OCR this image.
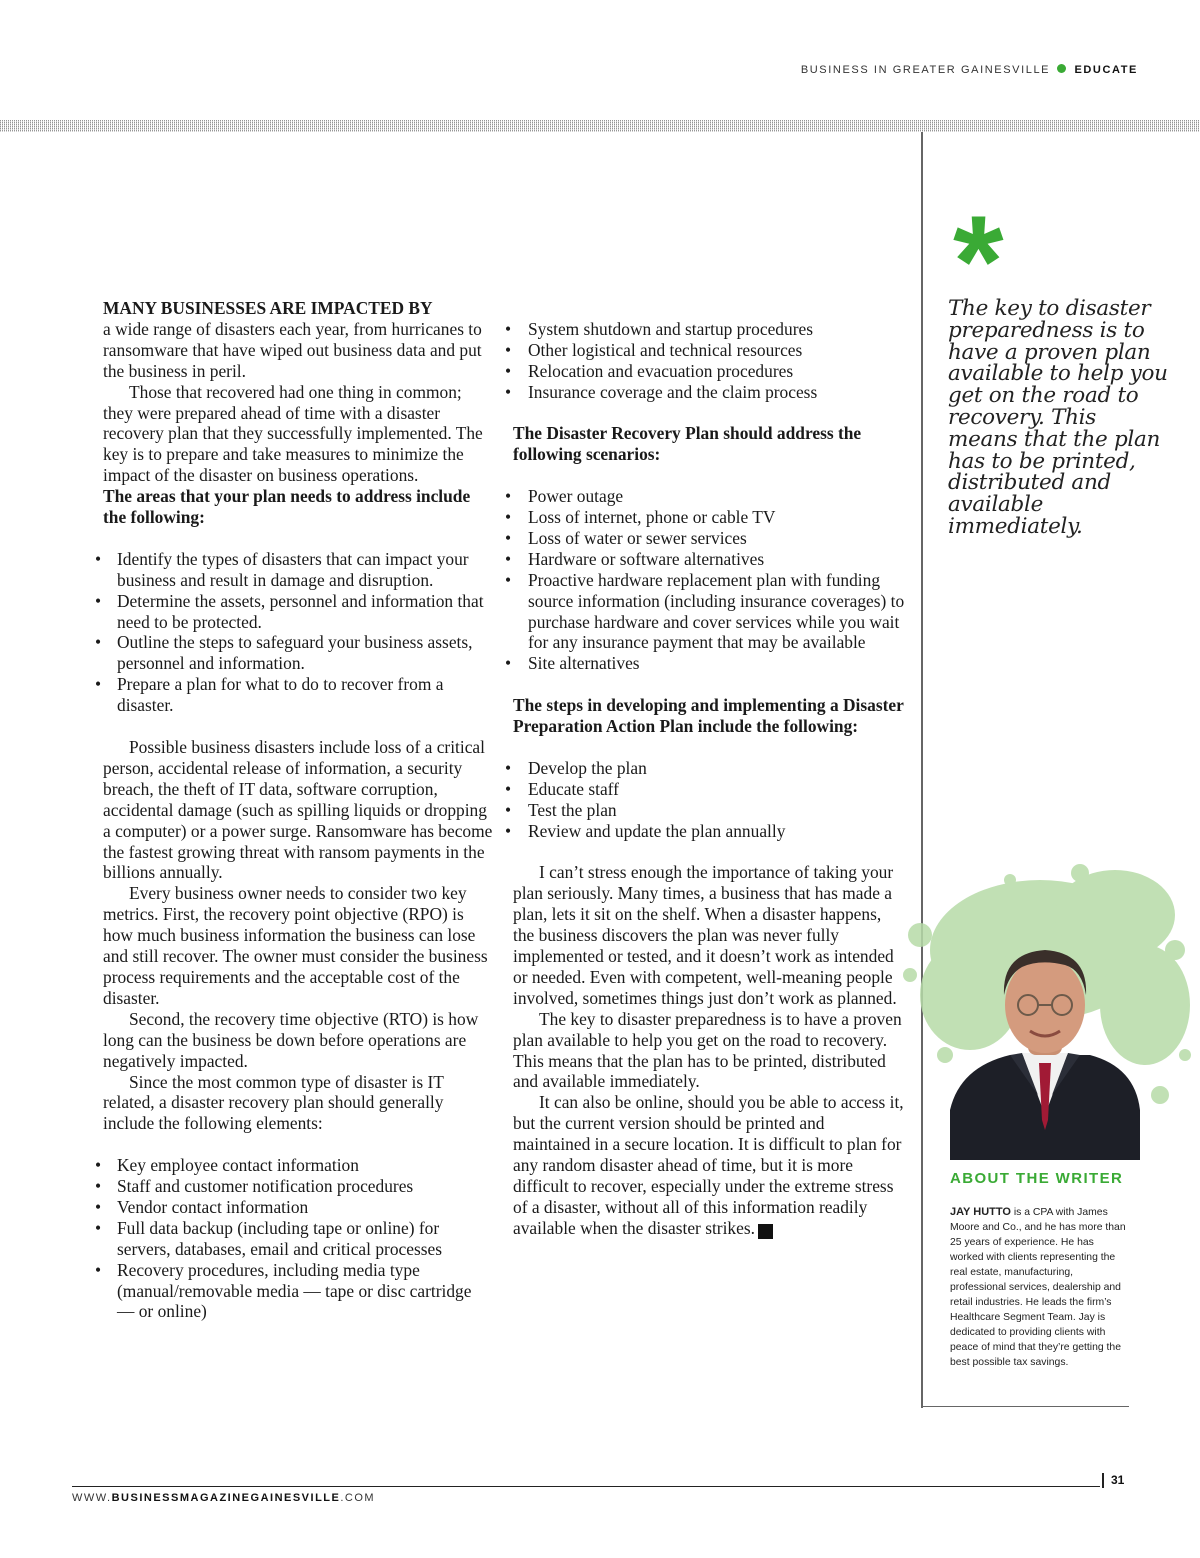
BUSINESS IN GREATER GAINESVILLE EDUCATE

MANY BUSINESSES ARE IMPACTED BY
a wide range of disasters each year, from hurricanes to ransomware that have wiped out business data and put the business in peril.

Those that recovered had one thing in common; they were prepared ahead of time with a disaster recovery plan that they successfully implemented. The key is to prepare and take measures to minimize the impact of the disaster on business operations.

The areas that your plan needs to address include the following:

• Identify the types of disasters that can impact your business and result in damage and disruption.
• Determine the assets, personnel and information that need to be protected.
• Outline the steps to safeguard your business assets, personnel and information.
• Prepare a plan for what to do to recover from a disaster.

Possible business disasters include loss of a critical person, accidental release of information, a security breach, the theft of IT data, software corruption, accidental damage (such as spilling liquids or dropping a computer) or a power surge. Ransomware has become the fastest growing threat with ransom payments in the billions annually.

Every business owner needs to consider two key metrics. First, the recovery point objective (RPO) is how much business information the business can lose and still recover. The owner must consider the business process requirements and the acceptable cost of the disaster.

Second, the recovery time objective (RTO) is how long can the business be down before operations are negatively impacted.

Since the most common type of disaster is IT related, a disaster recovery plan should generally include the following elements:

• Key employee contact information
• Staff and customer notification procedures
• Vendor contact information
• Full data backup (including tape or online) for servers, databases, email and critical processes
• Recovery procedures, including media type (manual/removable media — tape or disc cartridge — or online)
• System shutdown and startup procedures
• Other logistical and technical resources
• Relocation and evacuation procedures
• Insurance coverage and the claim process

The Disaster Recovery Plan should address the following scenarios:

• Power outage
• Loss of internet, phone or cable TV
• Loss of water or sewer services
• Hardware or software alternatives
• Proactive hardware replacement plan with funding source information (including insurance coverages) to purchase hardware and cover services while you wait for any insurance payment that may be available
• Site alternatives

The steps in developing and implementing a Disaster Preparation Action Plan include the following:

• Develop the plan
• Educate staff
• Test the plan
• Review and update the plan annually

I can’t stress enough the importance of taking your plan seriously. Many times, a business that has made a plan, lets it sit on the shelf. When a disaster happens, the business discovers the plan was never fully implemented or tested, and it doesn’t work as intended or needed. Even with competent, well-meaning people involved, sometimes things just don’t work as planned.

The key to disaster preparedness is to have a proven plan available to help you get on the road to recovery. This means that the plan has to be printed, distributed and available immediately.

It can also be online, should you be able to access it, but the current version should be printed and maintained in a secure location. It is difficult to plan for any random disaster ahead of time, but it is more difficult to recover, especially under the extreme stress of a disaster, without all of this information readily available when the disaster strikes. B

*
The key to disaster preparedness is to have a proven plan available to help you get on the road to recovery. This means that the plan has to be printed, distributed and available immediately.
ABOUT THE WRITER
JAY HUTTO is a CPA with James Moore and Co., and he has more than 25 years of experience. He has worked with clients representing the real estate, manufacturing, professional services, dealership and retail industries. He leads the firm’s Healthcare Segment Team. Jay is dedicated to providing clients with peace of mind that they’re getting the best possible tax savings.
31
WWW.BUSINESSMAGAZINEGAINESVILLE.COM
